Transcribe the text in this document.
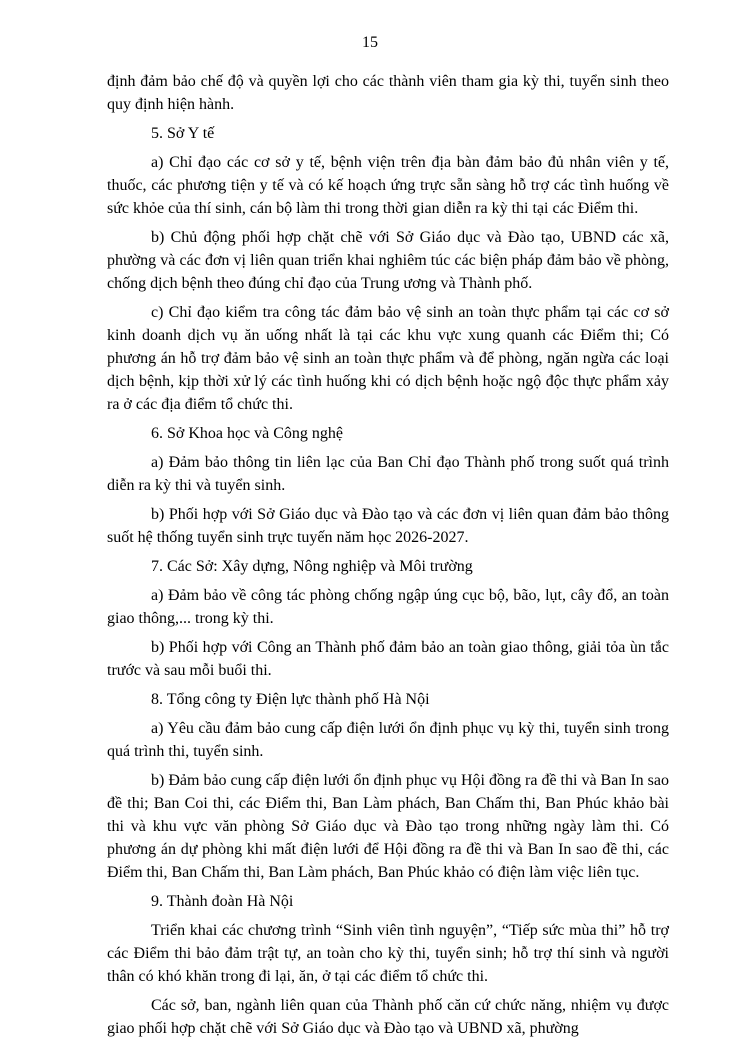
15

định đảm bảo chế độ và quyền lợi cho các thành viên tham gia kỳ thi, tuyển sinh theo quy định hiện hành.

5. Sở Y tế

a) Chỉ đạo các cơ sở y tế, bệnh viện trên địa bàn đảm bảo đủ nhân viên y tế, thuốc, các phương tiện y tế và có kế hoạch ứng trực sẵn sàng hỗ trợ các tình huống về sức khỏe của thí sinh, cán bộ làm thi trong thời gian diễn ra kỳ thi tại các Điểm thi.

b) Chủ động phối hợp chặt chẽ với Sở Giáo dục và Đào tạo, UBND các xã, phường và các đơn vị liên quan triển khai nghiêm túc các biện pháp đảm bảo về phòng, chống dịch bệnh theo đúng chỉ đạo của Trung ương và Thành phố.

c) Chỉ đạo kiểm tra công tác đảm bảo vệ sinh an toàn thực phẩm tại các cơ sở kinh doanh dịch vụ ăn uống nhất là tại các khu vực xung quanh các Điểm thi; Có phương án hỗ trợ đảm bảo vệ sinh an toàn thực phẩm và để phòng, ngăn ngừa các loại dịch bệnh, kịp thời xử lý các tình huống khi có dịch bệnh hoặc ngộ độc thực phẩm xảy ra ở các địa điểm tổ chức thi.

6. Sở Khoa học và Công nghệ

a) Đảm bảo thông tin liên lạc của Ban Chỉ đạo Thành phố trong suốt quá trình diễn ra kỳ thi và tuyển sinh.

b) Phối hợp với Sở Giáo dục và Đào tạo và các đơn vị liên quan đảm bảo thông suốt hệ thống tuyển sinh trực tuyến năm học 2026-2027.

7. Các Sở: Xây dựng, Nông nghiệp và Môi trường

a) Đảm bảo về công tác phòng chống ngập úng cục bộ, bão, lụt, cây đổ, an toàn giao thông,... trong kỳ thi.

b) Phối hợp với Công an Thành phố đảm bảo an toàn giao thông, giải tỏa ùn tắc trước và sau mỗi buổi thi.

8. Tổng công ty Điện lực thành phố Hà Nội

a) Yêu cầu đảm bảo cung cấp điện lưới ổn định phục vụ kỳ thi, tuyển sinh trong quá trình thi, tuyển sinh.

b) Đảm bảo cung cấp điện lưới ổn định phục vụ Hội đồng ra đề thi và Ban In sao đề thi; Ban Coi thi, các Điểm thi, Ban Làm phách, Ban Chấm thi, Ban Phúc khảo bài thi và khu vực văn phòng Sở Giáo dục và Đào tạo trong những ngày làm thi. Có phương án dự phòng khi mất điện lưới để Hội đồng ra đề thi và Ban In sao đề thi, các Điểm thi, Ban Chấm thi, Ban Làm phách, Ban Phúc khảo có điện làm việc liên tục.

9. Thành đoàn Hà Nội

Triển khai các chương trình “Sinh viên tình nguyện”, “Tiếp sức mùa thi” hỗ trợ các Điểm thi bảo đảm trật tự, an toàn cho kỳ thi, tuyển sinh; hỗ trợ thí sinh và người thân có khó khăn trong đi lại, ăn, ở tại các điểm tổ chức thi.

Các sở, ban, ngành liên quan của Thành phố căn cứ chức năng, nhiệm vụ được giao phối hợp chặt chẽ với Sở Giáo dục và Đào tạo và UBND xã, phường
